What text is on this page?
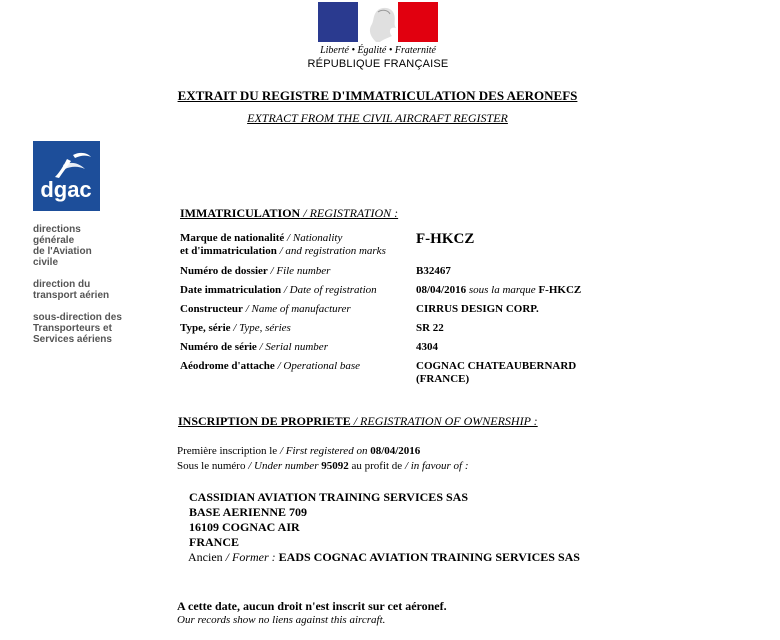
Liberté • Égalité • Fraternité
RÉPUBLIQUE FRANÇAISE
EXTRAIT DU REGISTRE D'IMMATRICULATION DES AERONEFS
EXTRACT FROM THE CIVIL AIRCRAFT REGISTER
dgac
directions
générale
de l'Aviation
civile
direction du
transport aérien
sous-direction des
Transporteurs et
Services aériens
IMMATRICULATION / REGISTRATION :
Marque de nationalité / Nationality
et d'immatriculation / and registration marks
F-HKCZ
Numéro de dossier / File number	B32467
Date immatriculation / Date of registration	08/04/2016 sous la marque F-HKCZ
Constructeur / Name of manufacturer	CIRRUS DESIGN CORP.
Type, série / Type, séries	SR 22
Numéro de série / Serial number	4304
Aéodrome d'attache / Operational base	COGNAC CHATEAUBERNARD
(FRANCE)
INSCRIPTION DE PROPRIETE / REGISTRATION OF OWNERSHIP :
Première inscription le / First registered on 08/04/2016
Sous le numéro / Under number 95092 au profit de / in favour of :
CASSIDIAN AVIATION TRAINING SERVICES SAS
BASE AERIENNE 709
16109 COGNAC AIR
FRANCE
Ancien / Former : EADS COGNAC AVIATION TRAINING SERVICES SAS
A cette date, aucun droit n'est inscrit sur cet aéronef.
Our records show no liens against this aircraft.
